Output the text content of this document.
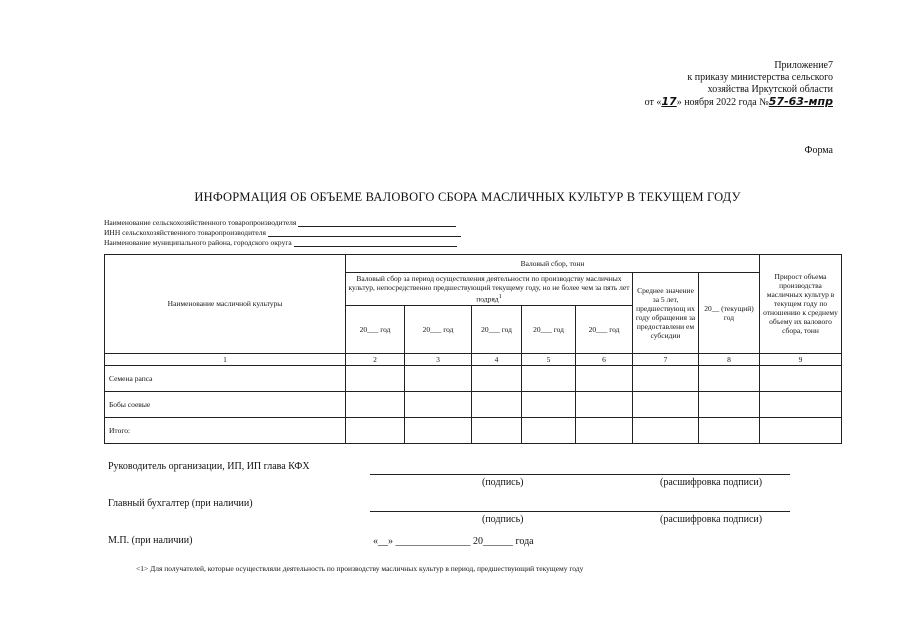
Приложение7
к приказу министерства сельского
хозяйства Иркутской области
от «17» ноября 2022 года №57-63-мпр
Форма
ИНФОРМАЦИЯ ОБ ОБЪЕМЕ ВАЛОВОГО СБОРА МАСЛИЧНЫХ КУЛЬТУР В ТЕКУЩЕМ ГОДУ
Наименование сельскохозяйственного товаропроизводителя
ИНН сельскохозяйственного товаропроизводителя
Наименование муниципального района, городского округа
Наименование масличной культуры	Валовый сбор, тонн							Прирост объема производства масличных культур в текущем году по отношению к среднему объему их валового сбора, тонн
	Валовый сбор за период осуществления деятельности по производству масличных культур, непосредственно предшествующий текущему году, но не более чем за пять лет подряд$^1$					Среднее значение за 5 лет, предшествующ их году обращения за предоставлени ем субсидии	20__ (текущий) год	
	20___ год	20___ год	20___ год	20___ год	20___ год			
1	2	3	4	5	6	7	8	9
Семена рапса								
Бобы соевые								
Итого:								
Руководитель организации, ИП, ИП глава КФХ
(подпись)	(расшифровка подписи)
Главный бухгалтер (при наличии)
(подпись)	(расшифровка подписи)
М.П. (при наличии)	«__» _______________ 20______ года
<1> Для получателей, которые осуществляли деятельность по производству масличных культур в период, предшествующий текущему году
